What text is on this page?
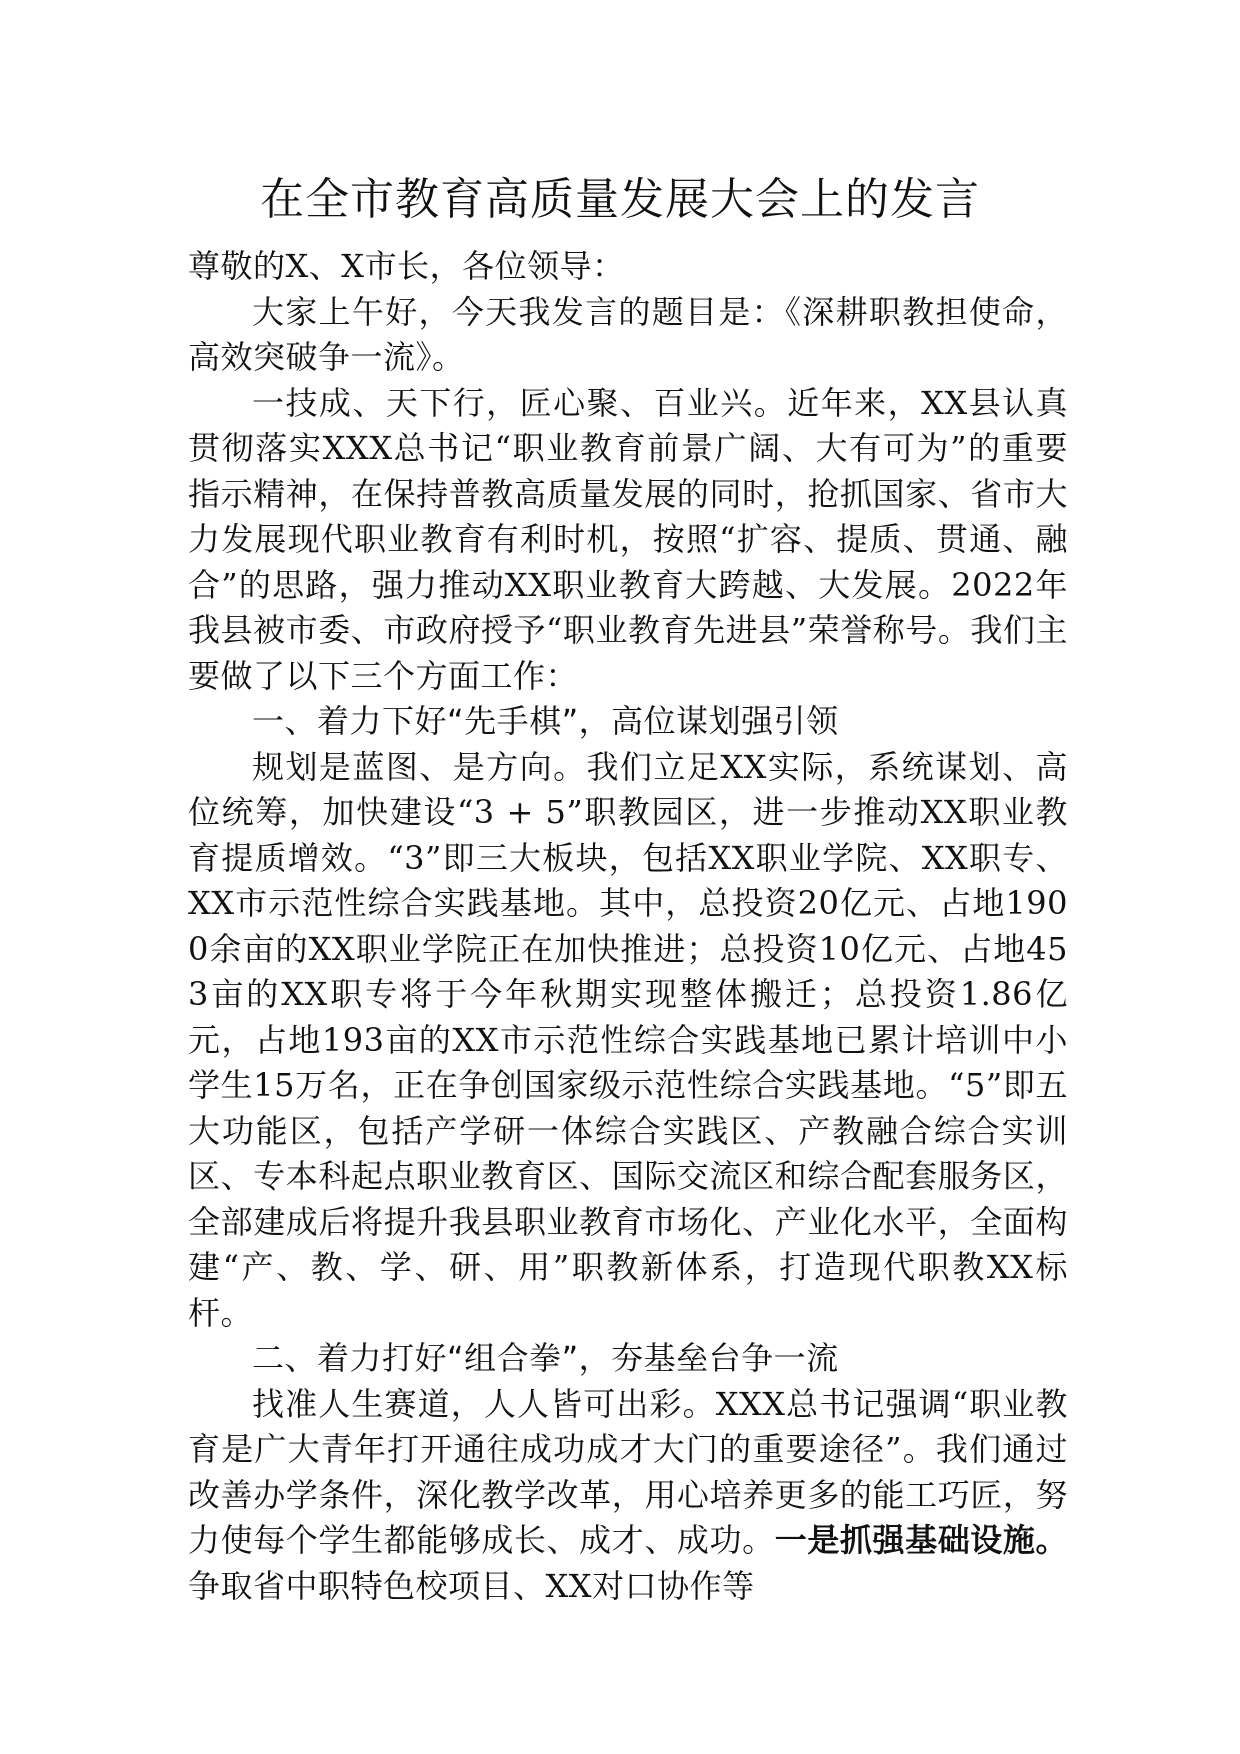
在全市教育高质量发展大会上的发言

尊敬的X、X市长，各位领导：

大家上午好，今天我发言的题目是：《深耕职教担使命，高效突破争一流》。

一技成、天下行，匠心聚、百业兴。近年来，XX县认真贯彻落实XXX总书记“职业教育前景广阔、大有可为”的重要指示精神，在保持普教高质量发展的同时，抢抓国家、省市大力发展现代职业教育有利时机，按照“扩容、提质、贯通、融合”的思路，强力推动XX职业教育大跨越、大发展。2022年我县被市委、市政府授予“职业教育先进县”荣誉称号。我们主要做了以下三个方面工作：

一、着力下好“先手棋”，高位谋划强引领

规划是蓝图、是方向。我们立足XX实际，系统谋划、高位统筹，加快建设“3 + 5”职教园区，进一步推动XX职业教育提质增效。“3”即三大板块，包括XX职业学院、XX职专、XX市示范性综合实践基地。其中，总投资20亿元、占地1900余亩的XX职业学院正在加快推进；总投资10亿元、占地453亩的XX职专将于今年秋期实现整体搬迁；总投资1.86亿元，占地193亩的XX市示范性综合实践基地已累计培训中小学生15万名，正在争创国家级示范性综合实践基地。“5”即五大功能区，包括产学研一体综合实践区、产教融合综合实训区、专本科起点职业教育区、国际交流区和综合配套服务区，全部建成后将提升我县职业教育市场化、产业化水平，全面构建“产、教、学、研、用”职教新体系，打造现代职教XX标杆。

二、着力打好“组合拳”，夯基垒台争一流

找准人生赛道，人人皆可出彩。XXX总书记强调“职业教育是广大青年打开通往成功成才大门的重要途径”。我们通过改善办学条件，深化教学改革，用心培养更多的能工巧匠，努力使每个学生都能够成长、成才、成功。一是抓强基础设施。争取省中职特色校项目、XX对口协作等
